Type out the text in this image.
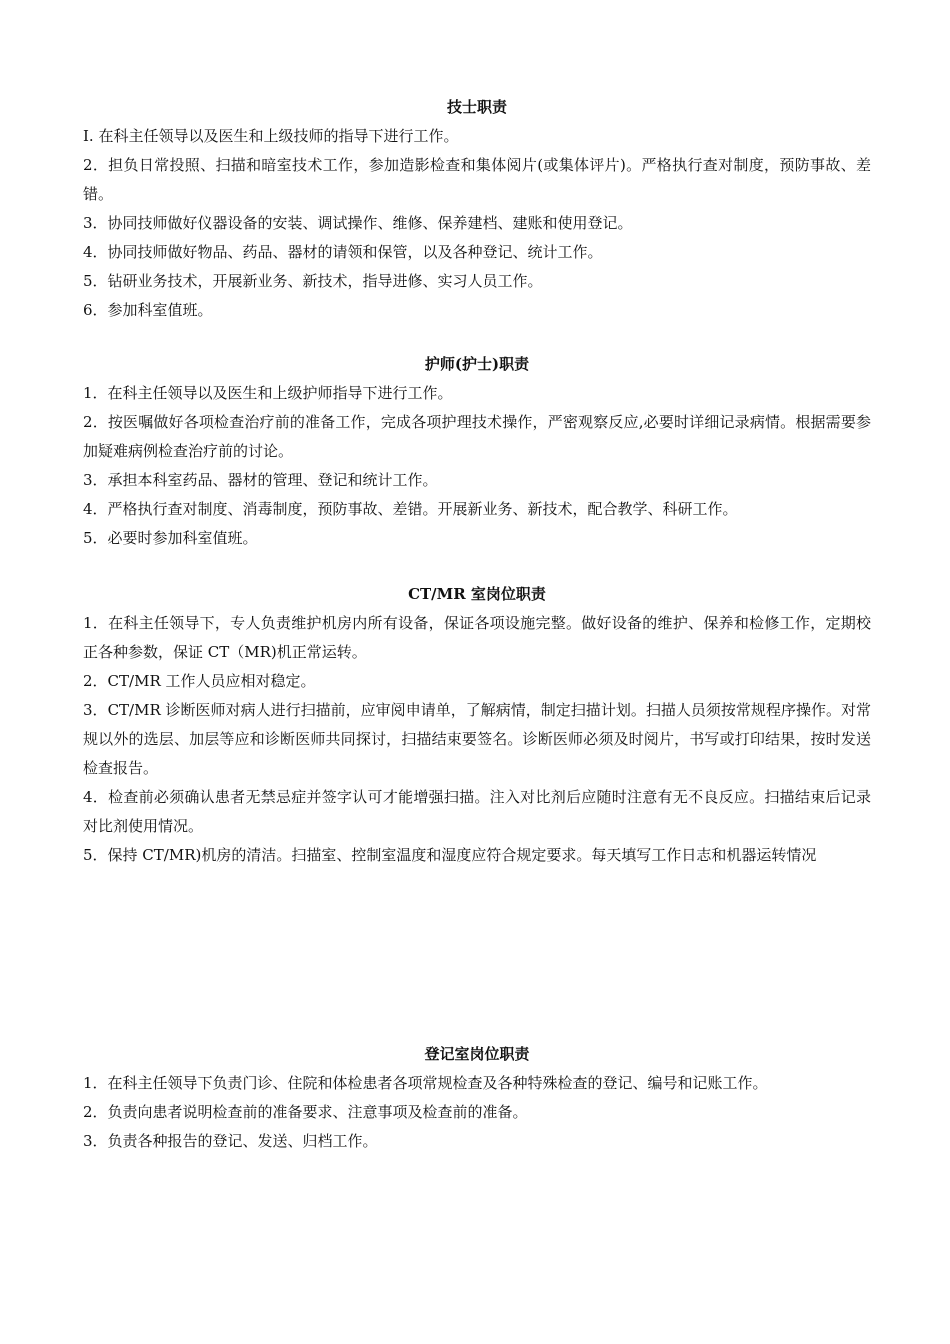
技士职责

I. 在科主任领导以及医生和上级技师的指导下进行工作。

2．担负日常投照、扫描和暗室技术工作，参加造影检查和集体阅片(或集体评片)。严格执行查对制度，预防事故、差错。

3．协同技师做好仪器设备的安装、调试操作、维修、保养建档、建账和使用登记。

4．协同技师做好物品、药品、器材的请领和保管，以及各种登记、统计工作。

5．钻研业务技术，开展新业务、新技术，指导进修、实习人员工作。

6．参加科室值班。

护师(护士)职责

1．在科主任领导以及医生和上级护师指导下进行工作。

2．按医嘱做好各项检查治疗前的准备工作，完成各项护理技术操作，严密观察反应,必要时详细记录病情。根据需要参加疑难病例检查治疗前的讨论。

3．承担本科室药品、器材的管理、登记和统计工作。

4．严格执行查对制度、消毒制度，预防事故、差错。开展新业务、新技术，配合教学、科研工作。

5．必要时参加科室值班。

CT/MR 室岗位职责

1．在科主任领导下，专人负责维护机房内所有设备，保证各项设施完整。做好设备的维护、保养和检修工作，定期校正各种参数，保证 CT（MR)机正常运转。

2．CT/MR 工作人员应相对稳定。

3．CT/MR 诊断医师对病人进行扫描前，应审阅申请单，了解病情，制定扫描计划。扫描人员须按常规程序操作。对常规以外的选层、加层等应和诊断医师共同探讨，扫描结束要签名。诊断医师必须及时阅片，书写或打印结果，按时发送检查报告。

4．检查前必须确认患者无禁忌症并签字认可才能增强扫描。注入对比剂后应随时注意有无不良反应。扫描结束后记录对比剂使用情况。

5．保持 CT/MR)机房的清洁。扫描室、控制室温度和湿度应符合规定要求。每天填写工作日志和机器运转情况

登记室岗位职责

1．在科主任领导下负责门诊、住院和体检患者各项常规检查及各种特殊检查的登记、编号和记账工作。

2．负责向患者说明检查前的准备要求、注意事项及检查前的准备。

3．负责各种报告的登记、发送、归档工作。
